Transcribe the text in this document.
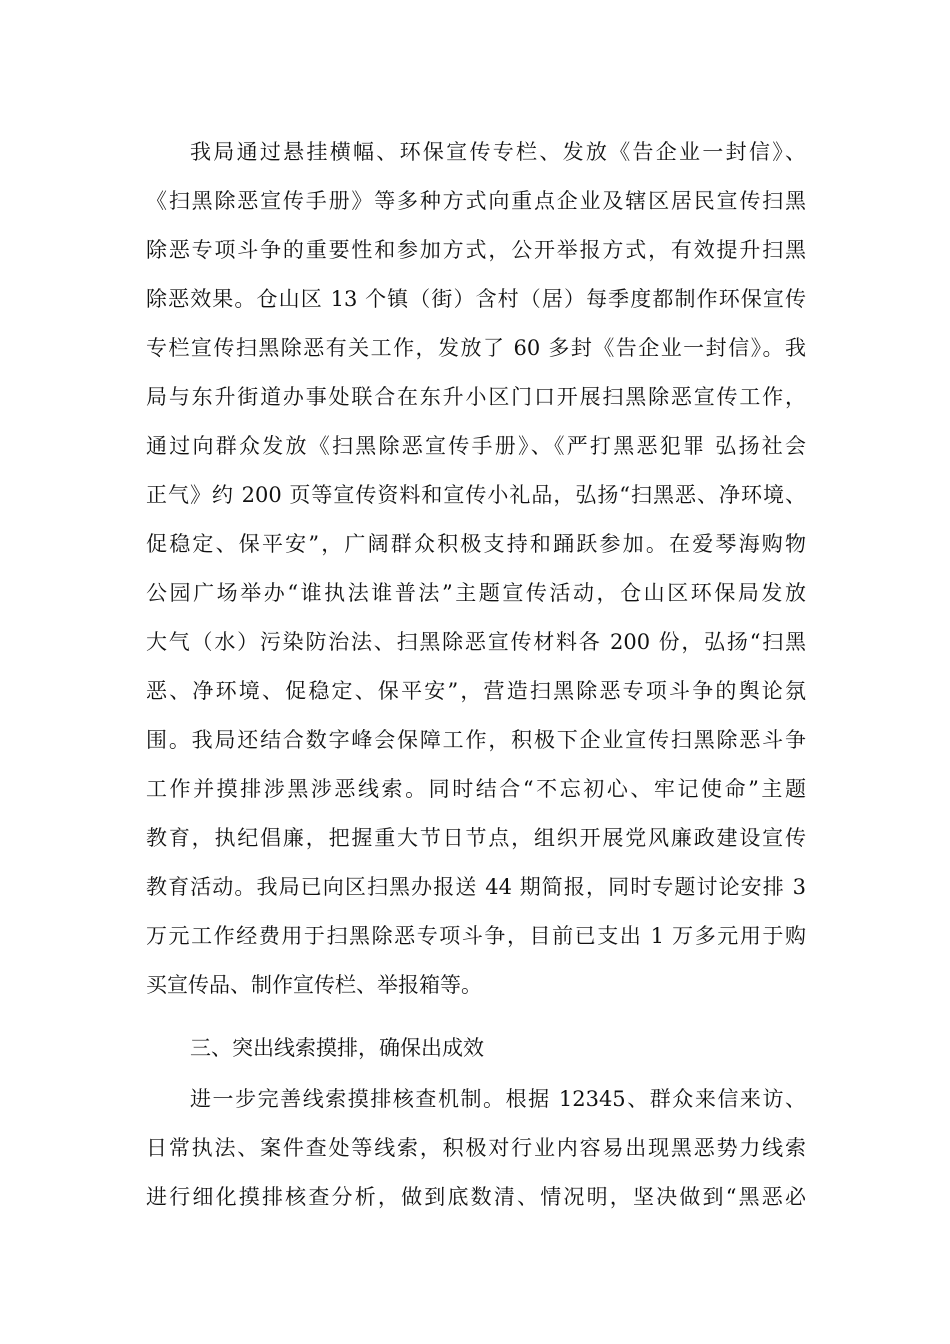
我局通过悬挂横幅、环保宣传专栏、发放《告企业一封信》、
《扫黑除恶宣传手册》等多种方式向重点企业及辖区居民宣传扫黑
除恶专项斗争的重要性和参加方式，公开举报方式，有效提升扫黑
除恶效果。仓山区 13 个镇（街）含村（居）每季度都制作环保宣传
专栏宣传扫黑除恶有关工作，发放了 60 多封《告企业一封信》。我
局与东升街道办事处联合在东升小区门口开展扫黑除恶宣传工作，
通过向群众发放《扫黑除恶宣传手册》、《严打黑恶犯罪 弘扬社会
正气》约 200 页等宣传资料和宣传小礼品，弘扬“扫黑恶、净环境、
促稳定、保平安”，广阔群众积极支持和踊跃参加。在爱琴海购物
公园广场举办“谁执法谁普法”主题宣传活动，仓山区环保局发放
大气（水）污染防治法、扫黑除恶宣传材料各 200 份，弘扬“扫黑
恶、净环境、促稳定、保平安”，营造扫黑除恶专项斗争的舆论氛
围。我局还结合数字峰会保障工作，积极下企业宣传扫黑除恶斗争
工作并摸排涉黑涉恶线索。同时结合“不忘初心、牢记使命”主题
教育，执纪倡廉，把握重大节日节点，组织开展党风廉政建设宣传
教育活动。我局已向区扫黑办报送 44 期简报，同时专题讨论安排 3
万元工作经费用于扫黑除恶专项斗争，目前已支出 1 万多元用于购
买宣传品、制作宣传栏、举报箱等。
三、突出线索摸排，确保出成效
进一步完善线索摸排核查机制。根据 12345、群众来信来访、
日常执法、案件查处等线索，积极对行业内容易出现黑恶势力线索
进行细化摸排核查分析，做到底数清、情况明，坚决做到“黑恶必
